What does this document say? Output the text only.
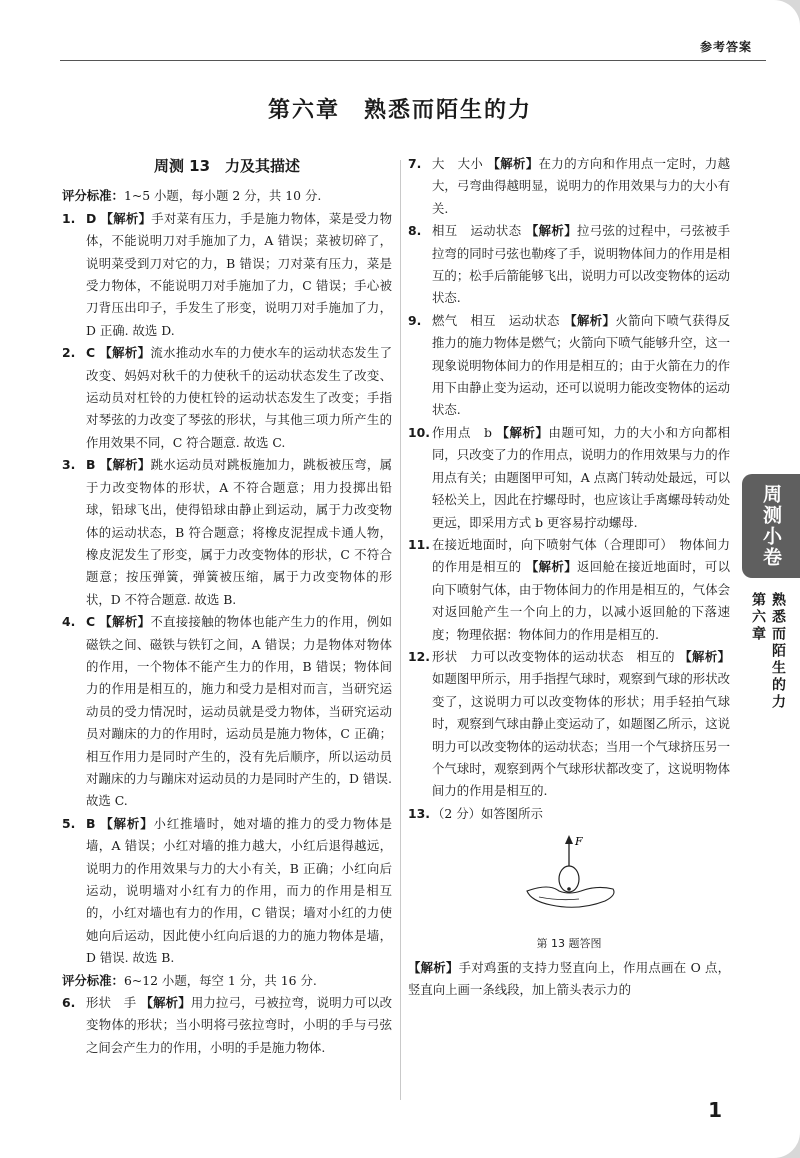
参考答案
第六章　熟悉而陌生的力
周测 13　力及其描述
评分标准：1~5 小题，每小题 2 分，共 10 分.
1. D 【解析】手对菜有压力，手是施力物体，菜是受力物体，不能说明刀对手施加了力，A 错误；菜被切碎了，说明菜受到刀对它的力，B 错误；刀对菜有压力，菜是受力物体，不能说明刀对手施加了力，C 错误；手心被刀背压出印子，手发生了形变，说明刀对手施加了力，D 正确. 故选 D.
2. C 【解析】流水推动水车的力使水车的运动状态发生了改变、妈妈对秋千的力使秋千的运动状态发生了改变、运动员对杠铃的力使杠铃的运动状态发生了改变；手指对琴弦的力改变了琴弦的形状，与其他三项力所产生的作用效果不同，C 符合题意. 故选 C.
3. B 【解析】跳水运动员对跳板施加力，跳板被压弯，属于力改变物体的形状，A 不符合题意；用力投掷出铅球，铅球飞出，使得铅球由静止到运动，属于力改变物体的运动状态，B 符合题意；将橡皮泥捏成卡通人物，橡皮泥发生了形变，属于力改变物体的形状，C 不符合题意；按压弹簧，弹簧被压缩，属于力改变物体的形状，D 不符合题意. 故选 B.
4. C 【解析】不直接接触的物体也能产生力的作用，例如磁铁之间、磁铁与铁钉之间，A 错误；力是物体对物体的作用，一个物体不能产生力的作用，B 错误；物体间力的作用是相互的，施力和受力是相对而言，当研究运动员的受力情况时，运动员就是受力物体，当研究运动员对蹦床的力的作用时，运动员是施力物体，C 正确；相互作用力是同时产生的，没有先后顺序，所以运动员对蹦床的力与蹦床对运动员的力是同时产生的，D 错误. 故选 C.
5. B 【解析】小红推墙时，她对墙的推力的受力物体是墙，A 错误；小红对墙的推力越大，小红后退得越远，说明力的作用效果与力的大小有关，B 正确；小红向后运动，说明墙对小红有力的作用，而力的作用是相互的，小红对墙也有力的作用，C 错误；墙对小红的力使她向后运动，因此使小红向后退的力的施力物体是墙，D 错误. 故选 B.
评分标准：6~12 小题，每空 1 分，共 16 分.
6. 形状　手 【解析】用力拉弓，弓被拉弯，说明力可以改变物体的形状；当小明将弓弦拉弯时，小明的手与弓弦之间会产生力的作用，小明的手是施力物体.
7. 大　大小 【解析】在力的方向和作用点一定时，力越大，弓弯曲得越明显，说明力的作用效果与力的大小有关.
8. 相互　运动状态 【解析】拉弓弦的过程中，弓弦被手拉弯的同时弓弦也勒疼了手，说明物体间力的作用是相互的；松手后箭能够飞出，说明力可以改变物体的运动状态.
9. 燃气　相互　运动状态 【解析】火箭向下喷气获得反推力的施力物体是燃气；火箭向下喷气能够升空，这一现象说明物体间力的作用是相互的；由于火箭在力的作用下由静止变为运动，还可以说明力能改变物体的运动状态.
10. 作用点　b 【解析】由题可知，力的大小和方向都相同，只改变了力的作用点，说明力的作用效果与力的作用点有关；由题图甲可知，A 点离门转动处最远，可以轻松关上，因此在拧螺母时，也应该让手离螺母转动处更远，即采用方式 b 更容易拧动螺母.
11. 在接近地面时，向下喷射气体（合理即可）　物体间力的作用是相互的 【解析】返回舱在接近地面时，可以向下喷射气体，由于物体间力的作用是相互的，气体会对返回舱产生一个向上的力，以减小返回舱的下落速度；物理依据：物体间力的作用是相互的.
12. 形状　力可以改变物体的运动状态　相互的 【解析】如题图甲所示，用手指捏气球时，观察到气球的形状改变了，这说明力可以改变物体的形状；用手轻拍气球时，观察到气球由静止变运动了，如题图乙所示，这说明力可以改变物体的运动状态；当用一个气球挤压另一个气球时，观察到两个气球形状都改变了，这说明物体间力的作用是相互的.
13. （2 分）如答图所示
F
第 13 题答图
【解析】手对鸡蛋的支持力竖直向上，作用点画在 O 点，竖直向上画一条线段，加上箭头表示力的
周测小卷
第六章 熟悉而陌生的力
1
